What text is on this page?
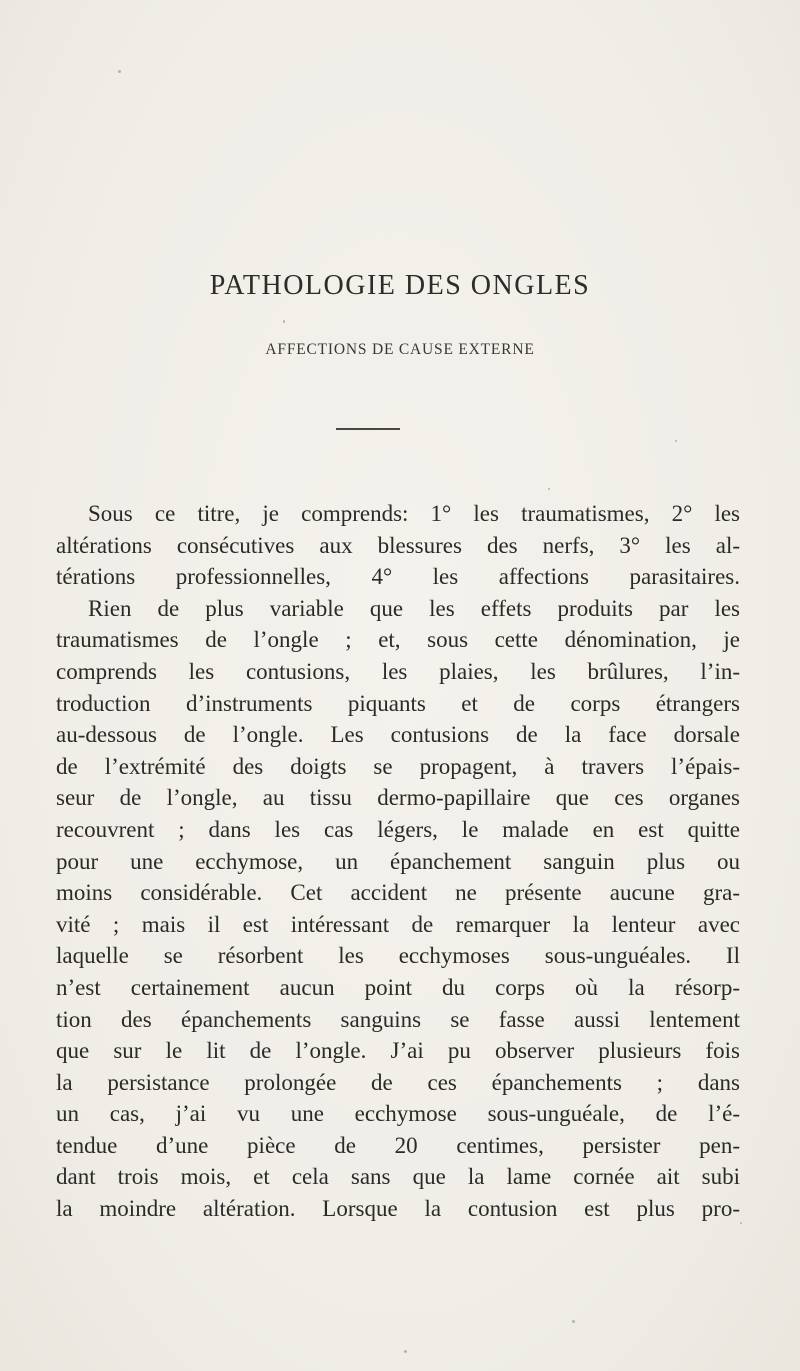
PATHOLOGIE DES ONGLES
AFFECTIONS DE CAUSE EXTERNE

Sous ce titre, je comprends: 1° les traumatismes, 2° les

altérations consécutives aux blessures des nerfs, 3° les al-

térations professionnelles, 4° les affections parasitaires.

Rien de plus variable que les effets produits par les

traumatismes de l’ongle ; et, sous cette dénomination, je

comprends les contusions, les plaies, les brûlures, l’in-

troduction d’instruments piquants et de corps étrangers

au-dessous de l’ongle. Les contusions de la face dorsale

de l’extrémité des doigts se propagent, à travers l’épais-

seur de l’ongle, au tissu dermo-papillaire que ces organes

recouvrent ; dans les cas légers, le malade en est quitte

pour une ecchymose, un épanchement sanguin plus ou

moins considérable. Cet accident ne présente aucune gra-

vité ; mais il est intéressant de remarquer la lenteur avec

laquelle se résorbent les ecchymoses sous-unguéales. Il

n’est certainement aucun point du corps où la résorp-

tion des épanchements sanguins se fasse aussi lentement

que sur le lit de l’ongle. J’ai pu observer plusieurs fois

la persistance prolongée de ces épanchements ; dans

un cas, j’ai vu une ecchymose sous-unguéale, de l’é-

tendue d’une pièce de 20 centimes, persister pen-

dant trois mois, et cela sans que la lame cornée ait subi

la moindre altération. Lorsque la contusion est plus pro-
